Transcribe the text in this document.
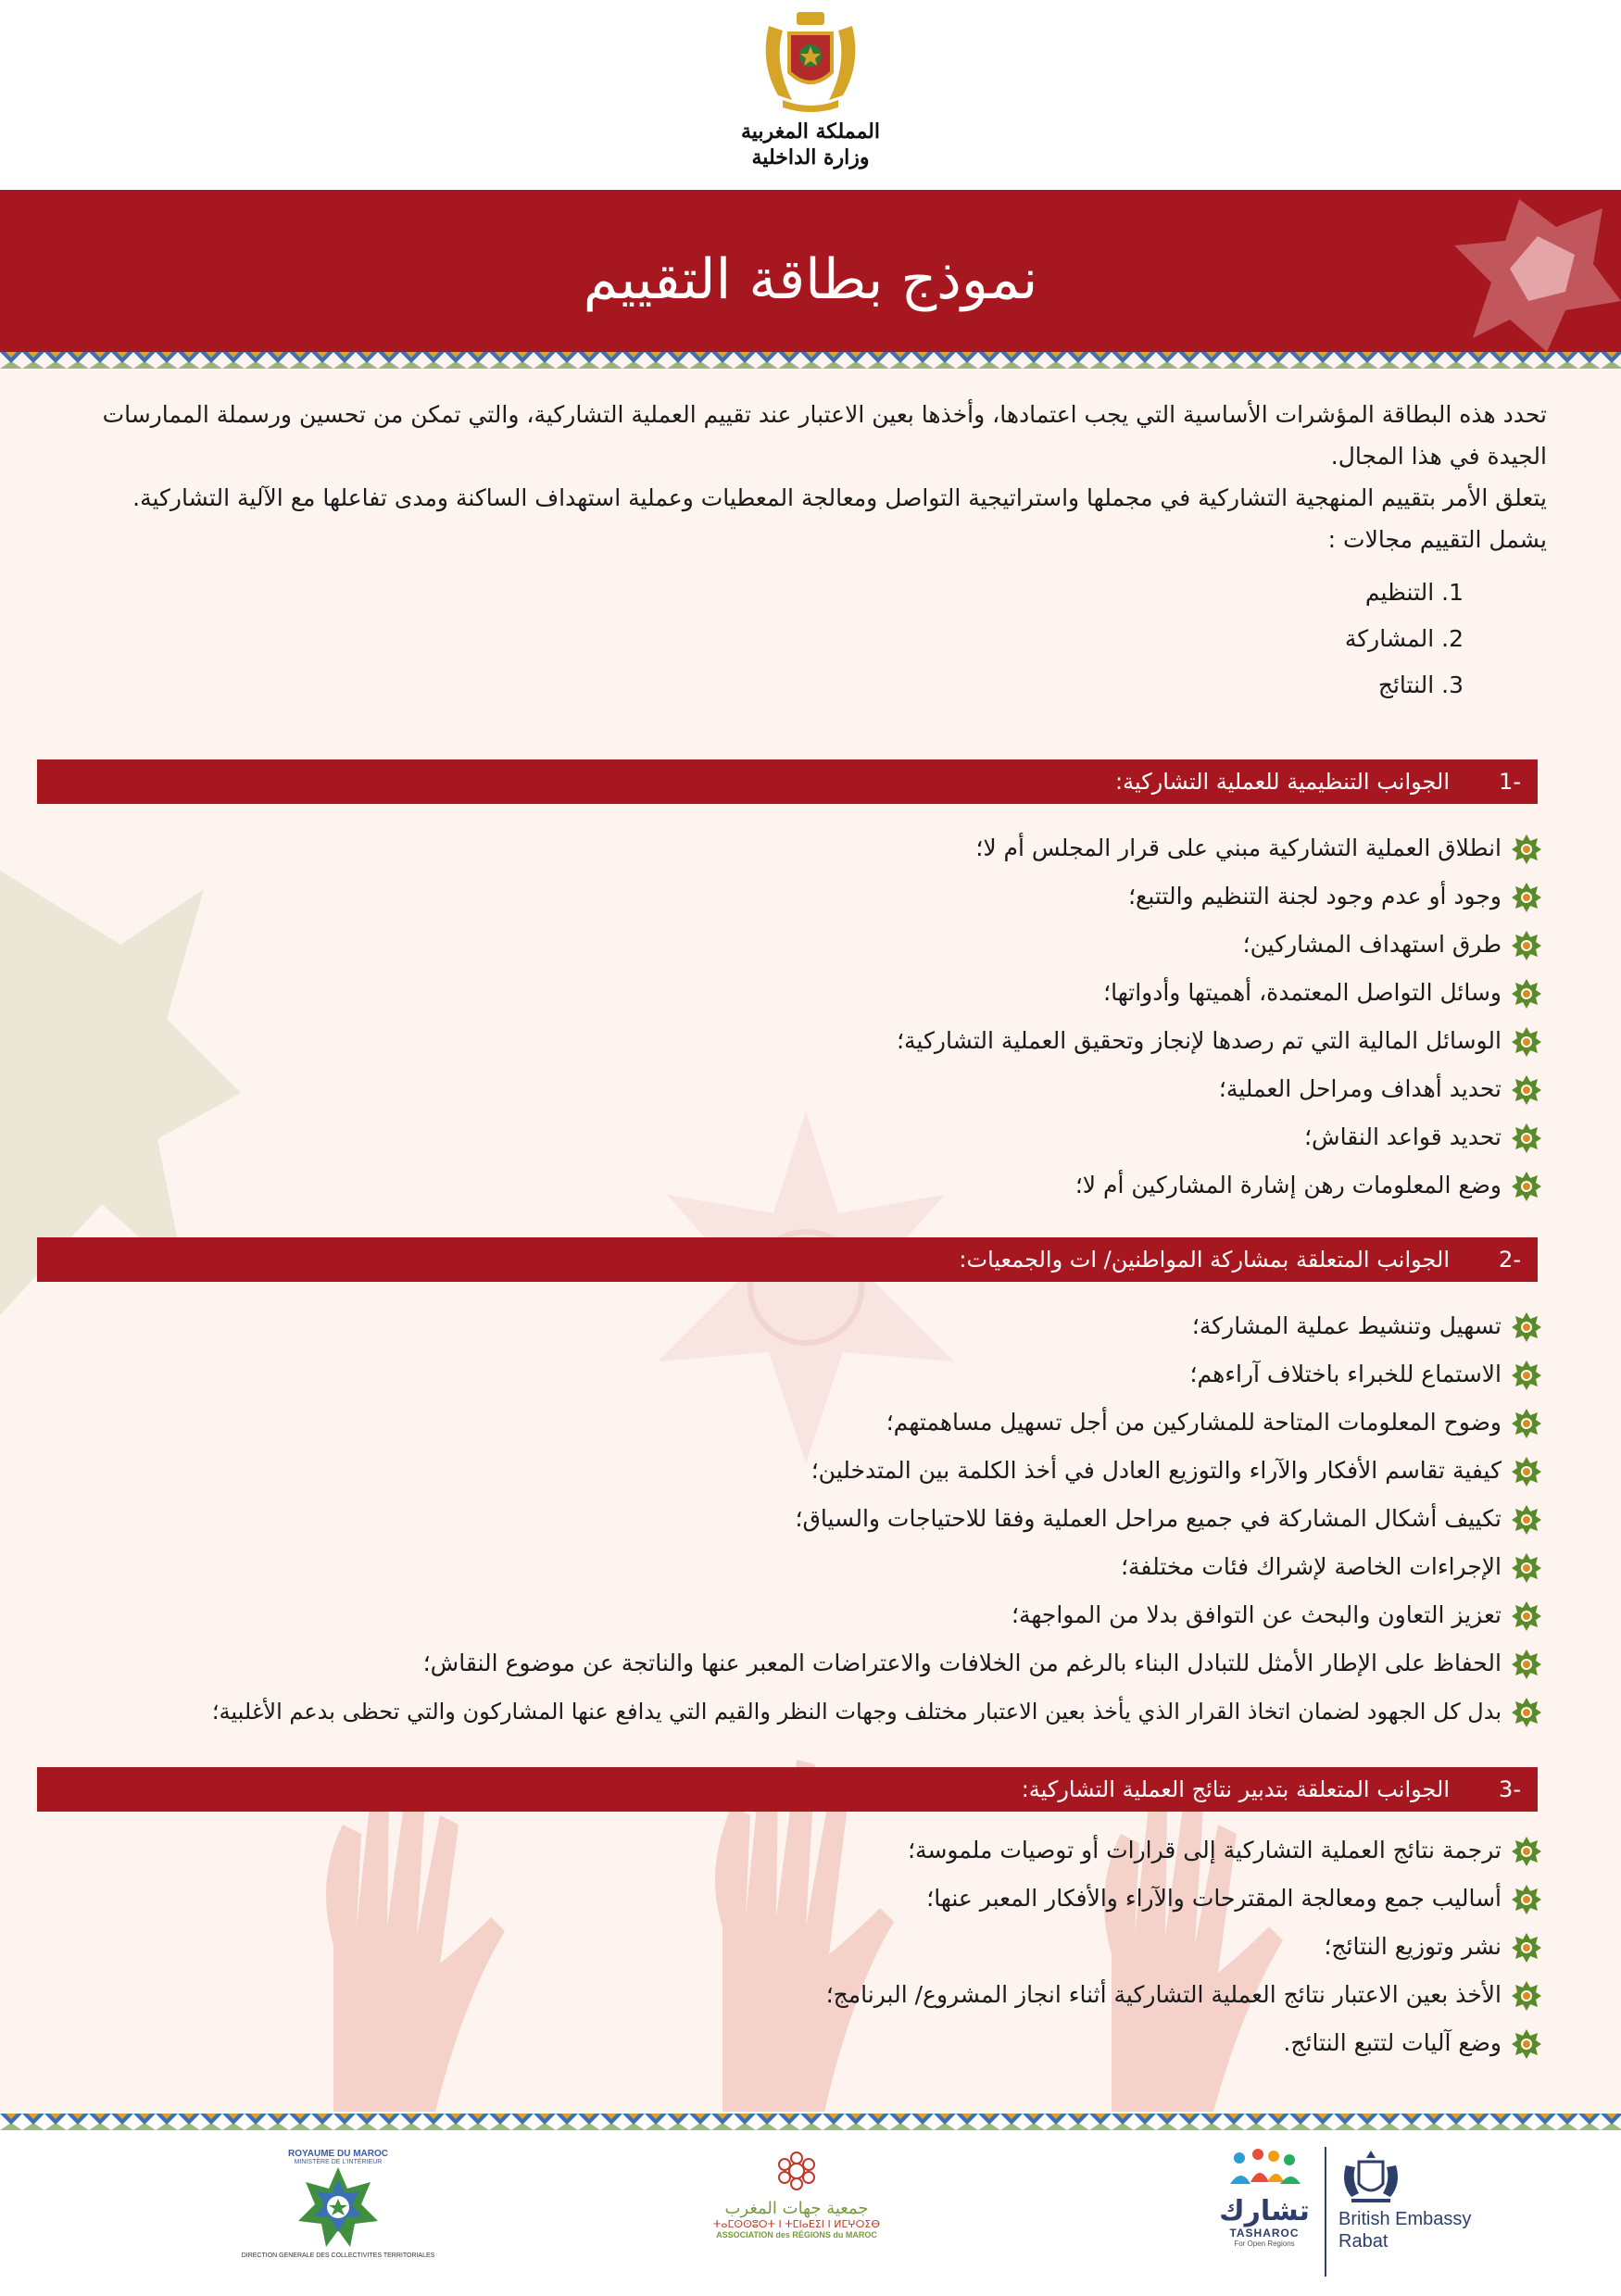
المملكة المغربية
وزارة الداخلية
نموذج بطاقة التقييم

تحدد هذه البطاقة المؤشرات الأساسية التي يجب اعتمادها، وأخذها بعين الاعتبار عند تقييم العملية التشاركية، والتي تمكن من تحسين ورسملة الممارسات الجيدة في هذا المجال.

يتعلق الأمر بتقييم المنهجية التشاركية في مجملها واستراتيجية التواصل ومعالجة المعطيات وعملية استهداف الساكنة ومدى تفاعلها مع الآلية التشاركية.

يشمل التقييم مجالات :

1. التنظيم
2. المشاركة
3. النتائج
-1
الجوانب التنظيمية للعملية التشاركية:
انطلاق العملية التشاركية مبني على قرار المجلس أم لا؛
وجود أو عدم وجود لجنة التنظيم والتتبع؛
طرق استهداف المشاركين؛
وسائل التواصل المعتمدة، أهميتها وأدواتها؛
الوسائل المالية التي تم رصدها لإنجاز وتحقيق العملية التشاركية؛
تحديد أهداف ومراحل العملية؛
تحديد قواعد النقاش؛
وضع المعلومات رهن إشارة المشاركين أم لا؛
-2
الجوانب المتعلقة بمشاركة المواطنين/ ات والجمعيات:
تسهيل وتنشيط عملية المشاركة؛
الاستماع للخبراء باختلاف آراءهم؛
وضوح المعلومات المتاحة للمشاركين من أجل تسهيل مساهمتهم؛
كيفية تقاسم الأفكار والآراء والتوزيع العادل في أخذ الكلمة بين المتدخلين؛
تكييف أشكال المشاركة في جميع مراحل العملية وفقا للاحتياجات والسياق؛
الإجراءات الخاصة لإشراك فئات مختلفة؛
تعزيز التعاون والبحث عن التوافق بدلا من المواجهة؛
الحفاظ على الإطار الأمثل للتبادل البناء بالرغم من الخلافات والاعتراضات المعبر عنها والناتجة عن موضوع النقاش؛
بدل كل الجهود لضمان اتخاذ القرار الذي يأخذ بعين الاعتبار مختلف وجهات النظر والقيم التي يدافع عنها المشاركون والتي تحظى بدعم الأغلبية؛
-3
الجوانب المتعلقة بتدبير نتائج العملية التشاركية:
ترجمة نتائج العملية التشاركية إلى قرارات أو توصيات ملموسة؛
أساليب جمع ومعالجة المقترحات والآراء والأفكار المعبر عنها؛
نشر وتوزيع النتائج؛
الأخذ بعين الاعتبار نتائج العملية التشاركية أثناء انجاز المشروع/ البرنامج؛
وضع آليات لتتبع النتائج.
ROYAUME DU MAROC
MINISTÈRE DE L'INTÉRIEUR
DIRECTION GENERALE DES COLLECTIVITES TERRITORIALES
جمعية جهات المغرب
ⵜⴰⵎⵙⵙⵓⵔⵜ ⵏ ⵜⵎⵏⴰⴹⵉⵏ ⵏ ⵍⵎⵖⵔⵉⴱ
ASSOCIATION des RÉGIONS du MAROC
تشارك
TASHAROC
For Open Regions
British Embassy
Rabat
